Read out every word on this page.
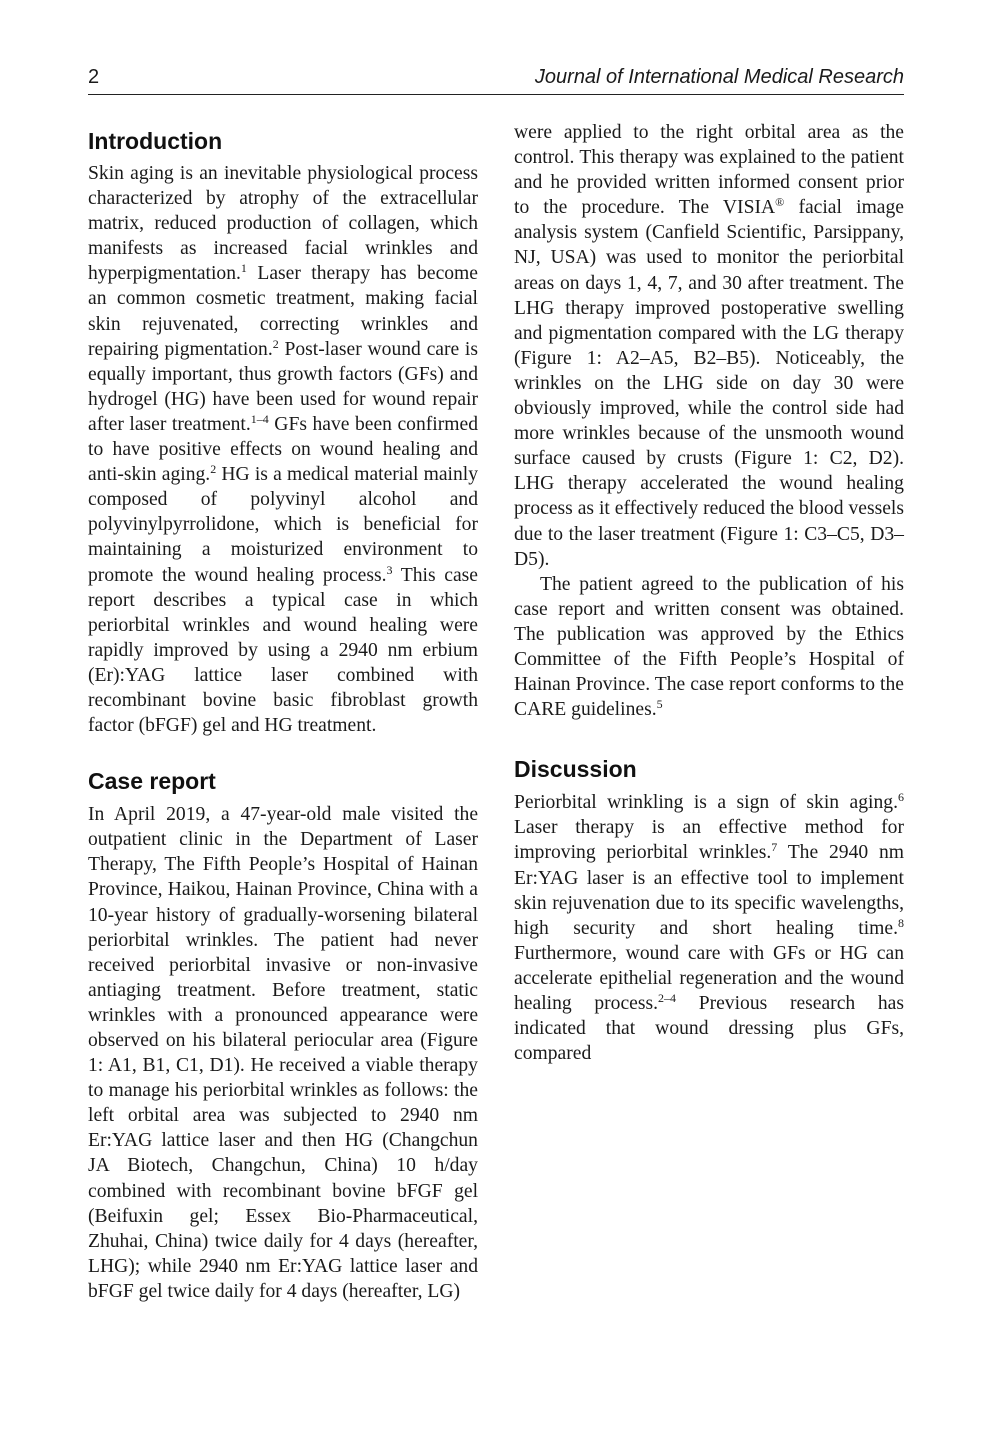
2	Journal of International Medical Research
Introduction

Skin aging is an inevitable physiological process characterized by atrophy of the extracellular matrix, reduced production of collagen, which manifests as increased facial wrinkles and hyperpigmentation.$^1$ Laser therapy has become an common cosmetic treatment, making facial skin rejuvenated, correcting wrinkles and repairing pigmentation.$^2$ Post-laser wound care is equally important, thus growth factors (GFs) and hydrogel (HG) have been used for wound repair after laser treatment.$^{1-4}$ GFs have been confirmed to have positive effects on wound healing and anti-skin aging.$^2$ HG is a medical material mainly composed of polyvinyl alcohol and polyvinylpyrrolidone, which is beneficial for maintaining a moisturized environment to promote the wound healing process.$^3$ This case report describes a typical case in which periorbital wrinkles and wound healing were rapidly improved by using a 2940 nm erbium (Er):YAG lattice laser combined with recombinant bovine basic fibroblast growth factor (bFGF) gel and HG treatment.

Case report

In April 2019, a 47-year-old male visited the outpatient clinic in the Department of Laser Therapy, The Fifth People’s Hospital of Hainan Province, Haikou, Hainan Province, China with a 10-year history of gradually-worsening bilateral periorbital wrinkles. The patient had never received periorbital invasive or non-invasive antiaging treatment. Before treatment, static wrinkles with a pronounced appearance were observed on his bilateral periocular area (Figure 1: A1, B1, C1, D1). He received a viable therapy to manage his periorbital wrinkles as follows: the left orbital area was subjected to 2940 nm Er:YAG lattice laser and then HG (Changchun JA Biotech, Changchun, China) 10 h/day combined with recombinant bovine bFGF gel (Beifuxin gel; Essex Bio-Pharmaceutical, Zhuhai, China) twice daily for 4 days (hereafter, LHG); while 2940 nm Er:YAG lattice laser and bFGF gel twice daily for 4 days (hereafter, LG)

were applied to the right orbital area as the control. This therapy was explained to the patient and he provided written informed consent prior to the procedure. The VISIA® facial image analysis system (Canfield Scientific, Parsippany, NJ, USA) was used to monitor the periorbital areas on days 1, 4, 7, and 30 after treatment. The LHG therapy improved postoperative swelling and pigmentation compared with the LG therapy (Figure 1: A2–A5, B2–B5). Noticeably, the wrinkles on the LHG side on day 30 were obviously improved, while the control side had more wrinkles because of the unsmooth wound surface caused by crusts (Figure 1: C2, D2). LHG therapy accelerated the wound healing process as it effectively reduced the blood vessels due to the laser treatment (Figure 1: C3–C5, D3–D5).

The patient agreed to the publication of his case report and written consent was obtained. The publication was approved by the Ethics Committee of the Fifth People’s Hospital of Hainan Province. The case report conforms to the CARE guidelines.$^5$

Discussion

Periorbital wrinkling is a sign of skin aging.$^6$ Laser therapy is an effective method for improving periorbital wrinkles.$^7$ The 2940 nm Er:YAG laser is an effective tool to implement skin rejuvenation due to its specific wavelengths, high security and short healing time.$^8$ Furthermore, wound care with GFs or HG can accelerate epithelial regeneration and the wound healing process.$^{2-4}$ Previous research has indicated that wound dressing plus GFs, compared
